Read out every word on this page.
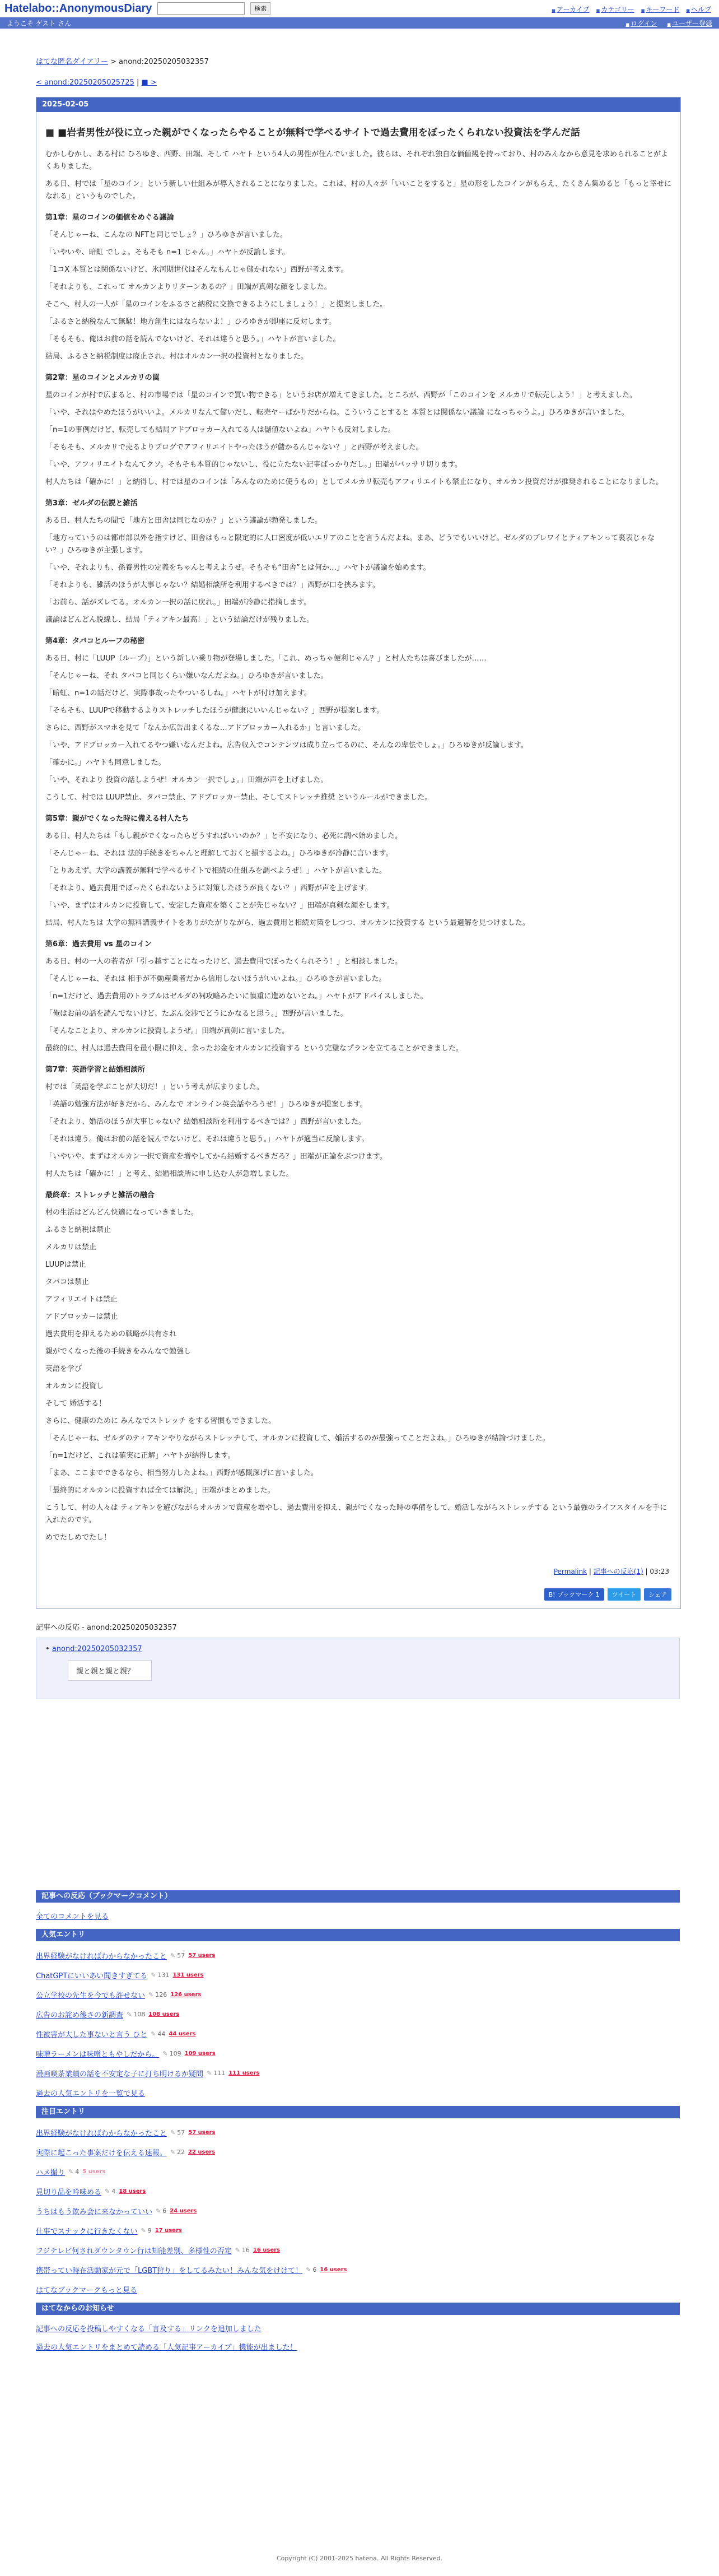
Hatelabo::AnonymousDiary	検索	■ アーカイブ	■ カテゴリー	■ キーワード	■ ヘルプ
ようこそ ゲスト さん	■ ログイン ■ ユーザー登録
はてな匿名ダイアリー > anond:20250205032357
< anond:20250205025725 | ■ >
2025-02-05
■ ■岩者男性が役に立った親がでくなったらやることが無料で学べるサイトで過去費用をぼったくられない投資法を学んだ話

むかしむかし、ある村に ひろゆき、西野、田端、そして ハヤト という4人の男性が住んでいました。彼らは、それぞれ独自な価値観を持っており、村のみんなから意見を求められることがよくありました。

ある日、村では「星のコイン」という新しい仕組みが導入されることになりました。これは、村の人々が「いいことをすると」星の形をしたコインがもらえ、たくさん集めると「もっと幸せになれる」というものでした。

第1章：星のコインの価値をめぐる議論

「そんじゃーね、こんなの NFTと同じでしょ？」ひろゆきが言いました。

「いやいや、暗虹 でしょ。そもそも n=1 じゃん。」ハヤトが反論します。

「1コX 本質とは関係ないけど、氷河期世代はそんなもんじゃ儲かれない」西野が考えます。

「それよりも、これって オルカンよりリターンあるの？」田端が真剣な顔をしました。

そこへ、村人の一人が「星のコインをふるさと納税に交換できるようにしましょう！」と提案しました。

「ふるさと納税なんて無駄！地方創生にはならないよ！」ひろゆきが即座に反対します。

「そもそも、俺はお前の話を読んでないけど、それは違うと思う。」ハヤトが言いました。

結局、ふるさと納税制度は廃止され、村はオルカン一択の投資村となりました。

第2章：星のコインとメルカリの罠

星のコインが村で広まると、村の市場では「星のコインで買い物できる」というお店が増えてきました。ところが、西野が「このコインを メルカリで転売しよう！」と考えました。

「いや、それはやめたほうがいいよ。メルカリなんて儲いだし、転売ヤーばかりだからね。こういうことすると 本質とは関係ない議論 になっちゃうよ。」ひろゆきが言いました。

「n=1の事例だけど、転売しても結局アドブロッカー入れてる人は儲値ないよね」ハヤトも反対しました。

「そもそも、メルカリで売るよりブログでアフィリエイトやったほうが儲かるんじゃない？」と西野が考えました。

「いや、アフィリエイトなんてクソ。そもそも本質的じゃないし、役に立たない記事ばっかりだし。」田端がバッサリ切ります。

村人たちは「確かに！」と納得し、村では星のコインは「みんなのために使うもの」としてメルカリ転売もアフィリエイトも禁止になり、オルカン投資だけが推奨されることになりました。

第3章：ゼルダの伝説と雑活

ある日、村人たちの間で「地方と田舎は同じなのか？」という議論が勃発しました。

「地方っていうのは都市部以外を指すけど、田舎はもっと限定的に人口密度が低いエリアのことを言うんだよね。まあ、どうでもいいけど。ゼルダのブレワイとティアキンって裏表じゃない？」ひろゆきが主張します。

「いや、それよりも、孫養男性の定義をちゃんと考えようぜ。そもそも“田舎”とは何か…」ハヤトが議論を始めます。

「それよりも、雑活のほうが大事じゃない？結婚相談所を利用するべきでは？」西野が口を挟みます。

「お前ら、話がズレてる。オルカン一択の話に戻れ。」田端が冷静に指摘します。

議論はどんどん脱線し、結局「ティアキン最高！」という結論だけが残りました。

第4章：タバコとルーフの秘密

ある日、村に「LUUP（ループ）」という新しい乗り物が登場しました。「これ、めっちゃ便利じゃん？」と村人たちは喜びましたが……

「そんじゃーね、それ タバコと同じくらい嫌いなんだよね。」ひろゆきが言いました。

「暗虹、n=1の話だけど、実際事故ったやついるしね。」ハヤトが付け加えます。

「そもそも、LUUPで移動するよりストレッチしたほうが健康にいいんじゃない？」西野が提案します。

さらに、西野がスマホを見て「なんか広告出まくるな…アドブロッカー入れるか」と言いました。

「いや、アドブロッカー入れてるやつ嫌いなんだよね。広告収入でコンテンツは成り立ってるのに、そんなの卑怯でしょ。」ひろゆきが反論します。

「確かに。」ハヤトも同意しました。

「いや、それより 投資の話しようぜ！オルカン一択でしょ。」田端が声を上げました。

こうして、村では LUUP禁止、タバコ禁止、アドブロッカー禁止、そしてストレッチ推奨 というルールができました。

第5章：親がでくなった時に備える村人たち

ある日、村人たちは「もし親がでくなったらどうすればいいのか？」と不安になり、必死に調べ始めました。

「そんじゃーね、それは 法的手続きをちゃんと理解しておくと損するよね。」ひろゆきが冷静に言います。

「とりあえず、大学の講義が無料で学べるサイトで相続の仕組みを調べようぜ！」ハヤトが言いました。

「それより、過去費用でぼったくられないように対策したほうが良くない？」西野が声を上げます。

「いや、まずはオルカンに投資して、安定した資産を築くことが先じゃない？」田端が真剣な顔をします。

結局、村人たちは 大学の無料講義サイトをありがたがりながら、過去費用と相続対策をしつつ、オルカンに投資する という最適解を見つけました。

第6章：過去費用 vs 星のコイン

ある日、村の一人の若者が「引っ越すことになったけど、過去費用でぼったくられそう！」と相談しました。

「そんじゃーね、それは 相手が不動産業者だから信用しないほうがいいよね。」ひろゆきが言いました。

「n=1だけど、過去費用のトラブルはゼルダの祠攻略みたいに慎重に進めないとね。」ハヤトがアドバイスしました。

「俺はお前の話を読んでないけど、たぶん交渉でどうにかなると思う。」西野が言いました。

「そんなことより、オルカンに投資しようぜ。」田端が真剣に言いました。

最終的に、村人は過去費用を最小限に抑え、余ったお金をオルカンに投資する という完璧なプランを立てることができました。

第7章：英語学習と結婚相談所

村では「英語を学ぶことが大切だ！」という考えが広まりました。

「英語の勉強方法が好きだから、みんなで オンライン英会話やろうぜ！」ひろゆきが提案します。

「それより、婚活のほうが大事じゃない？結婚相談所を利用するべきでは？」西野が言いました。

「それは違う。俺はお前の話を読んでないけど、それは違うと思う。」ハヤトが適当に反論します。

「いやいや、まずはオルカン一択で資産を増やしてから結婚するべきだろ？」田端が正論をぶつけます。

村人たちは「確かに！」と考え、結婚相談所に申し込む人が急増しました。

最終章：ストレッチと雑活の融合

村の生活はどんどん快適になっていきました。

ふるさと納税は禁止

メルカリは禁止

LUUPは禁止

タバコは禁止

アフィリエイトは禁止

アドブロッカーは禁止

過去費用を抑えるための戦略が共有され

親がでくなった後の手続きをみんなで勉強し

英語を学び

オルカンに投資し

そして 婚活する！

さらに、健康のために みんなでストレッチ をする習慣もできました。

「そんじゃーね、ゼルダのティアキンやりながらストレッチして、オルカンに投資して、婚活するのが最強ってことだよね。」ひろゆきが結論づけました。

「n=1だけど、これは確実に正解」ハヤトが納得します。

「まあ、ここまでできるなら、相当努力したよね。」西野が感慨深げに言いました。

「最終的にオルカンに投資すれば全ては解決。」田端がまとめました。

こうして、村の人々は ティアキンを遊びながらオルカンで資産を増やし、過去費用を抑え、親がでくなった時の準備をして、婚活しながらストレッチする という最強のライフスタイルを手に入れたのです。

めでたしめでたし！

Permalink | 記事への反応(1) | 03:23
B! ブックマーク 1	ツイート	シェア
記事への反応 - anond:20250205032357
• anond:20250205032357
親と親と親と親？
記事への反応（ブックマークコメント）
全てのコメントを見る
人気エントリ
出界経験がなければわからなかったこと	✎ 57 57 users
ChatGPTにいいあい聞きすぎてる	✎ 131 131 users
公立学校の先生を今でも許せない	✎ 126 126 users
広告のお詫め後さの新調査	✎ 108 108 users
性被害が大した事ないと言う ひと	✎ 44 44 users
味噌ラーメンは味噌ともやしだから。	✎ 109 109 users
漫画喫茶業績の話を不安定な子に打ち明けるか疑問	✎ 111 111 users
過去の人気エントリを一覧で見る
注目エントリ
出界経験がなければわからなかったこと	✎ 57 57 users
実際に起こった事案だけを伝える速報。	✎ 22 22 users
ハメ撮り	✎ 4 5 users
見切り品を吟味める	✎ 4 18 users
うちはもう飲み会に来なかっていい	✎ 6 24 users
仕事でスナックに行きたくない	✎ 9 17 users
フジテレビ何されダウンタウン行は知能差別、多様性の否定	✎ 16 16 users
携帯ってい時在活動家が元で「LGBT狩り」をしてるみたい！みんな気をけけて！	✎ 6 16 users
はてなブックマークもっと見る
はてなからのお知らせ
記事への反応を投稿しやすくなる「言及する」リンクを追加しました
過去の人気エントリをまとめて読める「人気記事アーカイブ」機能が出ました！
Copyright (C) 2001-2025 hatena. All Rights Reserved.
